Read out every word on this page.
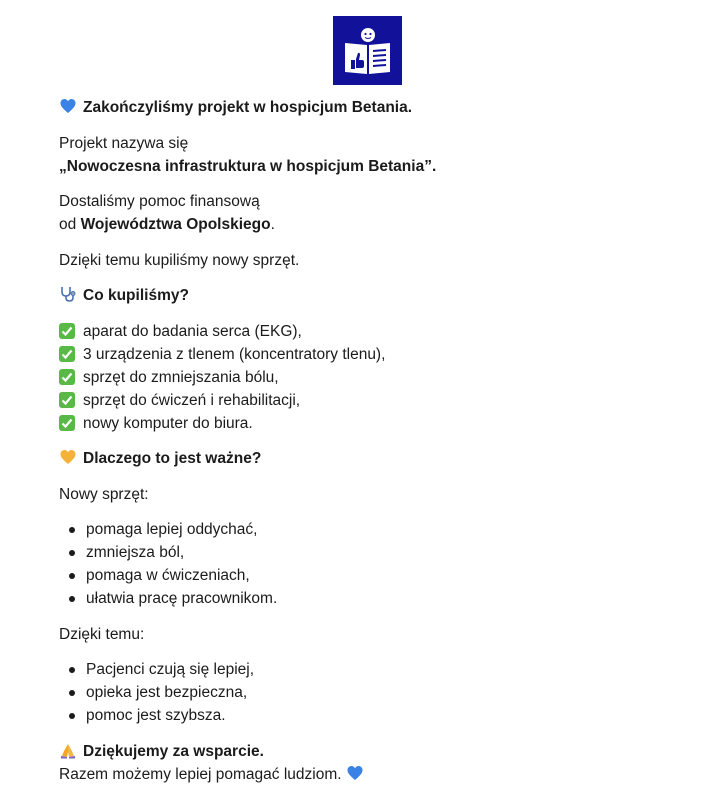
Zakończyliśmy projekt w hospicjum Betania.
Projekt nazywa się
„Nowoczesna infrastruktura w hospicjum Betania”.
Dostaliśmy pomoc finansową
od Województwa Opolskiego.
Dzięki temu kupiliśmy nowy sprzęt.
Co kupiliśmy?
aparat do badania serca (EKG),
3 urządzenia z tlenem (koncentratory tlenu),
sprzęt do zmniejszania bólu,
sprzęt do ćwiczeń i rehabilitacji,
nowy komputer do biura.
Dlaczego to jest ważne?
Nowy sprzęt:
pomaga lepiej oddychać,
zmniejsza ból,
pomaga w ćwiczeniach,
ułatwia pracę pracownikom.
Dzięki temu:
Pacjenci czują się lepiej,
opieka jest bezpieczna,
pomoc jest szybsza.
Dziękujemy za wsparcie.
Razem możemy lepiej pomagać ludziom.
